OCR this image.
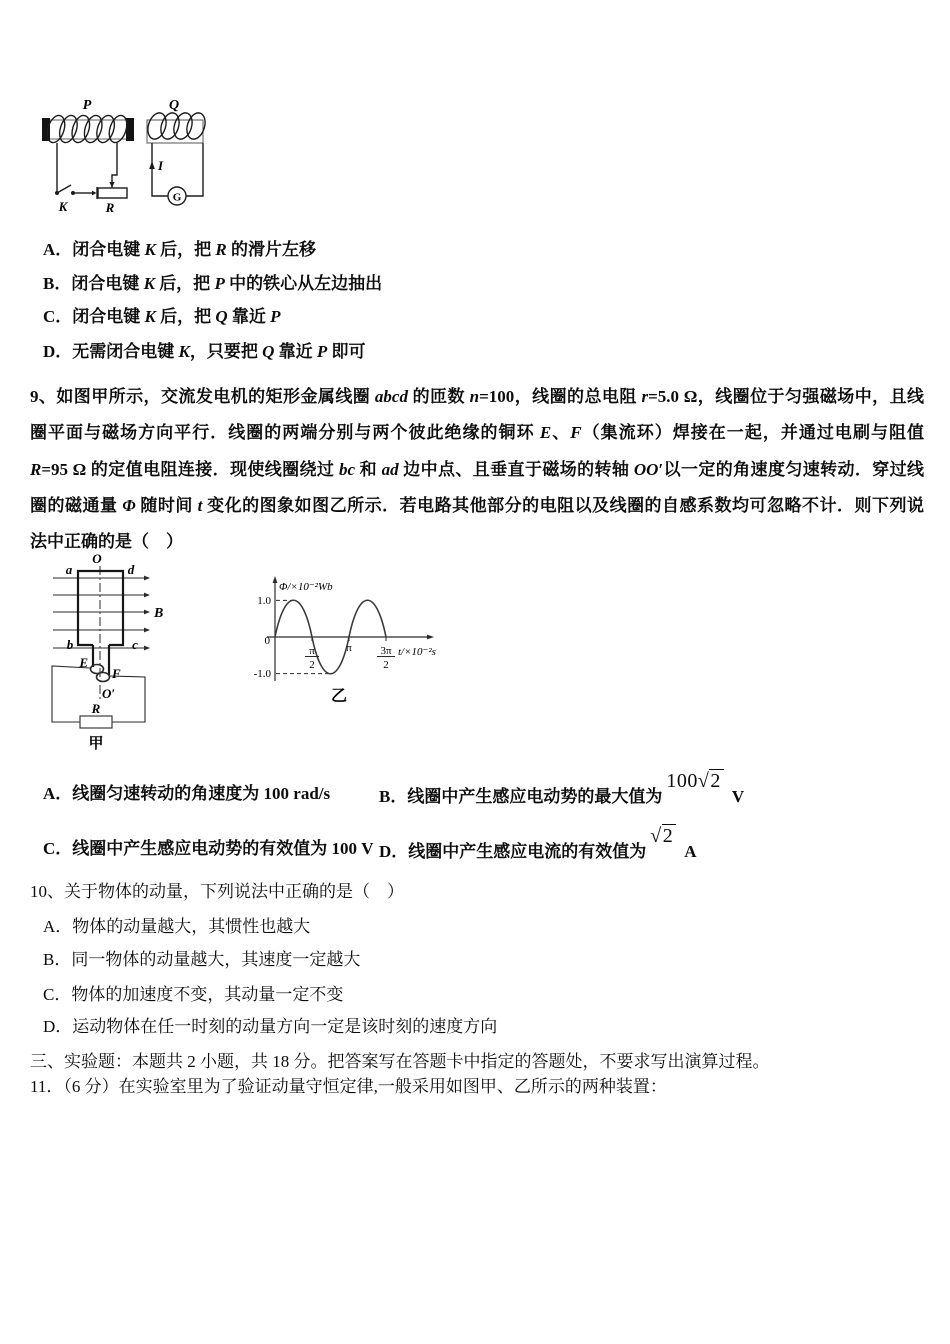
P	Q
K	R
I
G
A．闭合电键 K 后，把 R 的滑片左移
B．闭合电键 K 后，把 P 中的铁心从左边抽出
C．闭合电键 K 后，把 Q 靠近 P
D．无需闭合电键 K，只要把 Q 靠近 P 即可
9、如图甲所示，交流发电机的矩形金属线圈 abcd 的匝数 n=100，线圈的总电阻 r=5.0 Ω，线圈位于匀强磁场中，且线
圈平面与磁场方向平行．线圈的两端分别与两个彼此绝缘的铜环 E、F（集流环）焊接在一起，并通过电刷与阻值
R=95 Ω 的定值电阻连接．现使线圈绕过 bc 和 ad 边中点、且垂直于磁场的转轴 OO′以一定的角速度匀速转动．穿过线
圈的磁通量 Φ 随时间 t 变化的图象如图乙所示．若电路其他部分的电阻以及线圈的自感系数均可忽略不计．则下列说
法中正确的是（　）
O
a	d
b	c
B
E
F
O′
R
甲
Φ/×10⁻²Wb
1.0
0
-1.0
π
2
π	3π
2
t/×10⁻²s
乙
A．线圈匀速转动的角速度为 100 rad/s	B．线圈中产生感应电动势的最大值为100√2V
C．线圈中产生感应电动势的有效值为 100 V D．线圈中产生感应电流的有效值为√2A
10、关于物体的动量，下列说法中正确的是（　）
A．物体的动量越大，其惯性也越大
B．同一物体的动量越大，其速度一定越大
C．物体的加速度不变，其动量一定不变
D．运动物体在任一时刻的动量方向一定是该时刻的速度方向
三、实验题：本题共 2 小题，共 18 分。把答案写在答题卡中指定的答题处，不要求写出演算过程。
11．（6 分）在实验室里为了验证动量守恒定律,一般采用如图甲、乙所示的两种装置：
